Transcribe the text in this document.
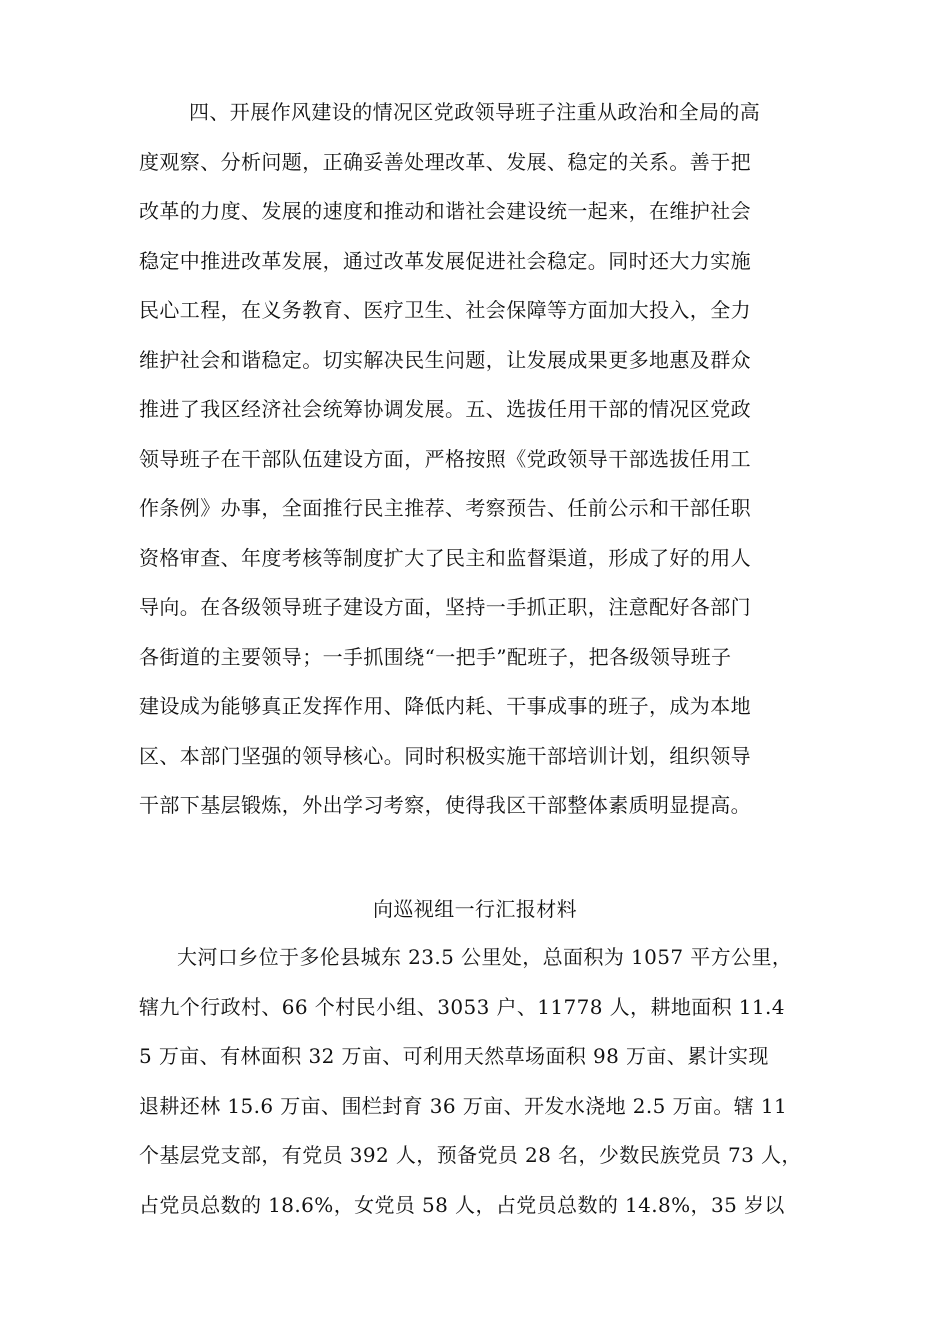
四、开展作风建设的情况区党政领导班子注重从政治和全局的高
度观察、分析问题，正确妥善处理改革、发展、稳定的关系。善于把
改革的力度、发展的速度和推动和谐社会建设统一起来，在维护社会
稳定中推进改革发展，通过改革发展促进社会稳定。同时还大力实施
民心工程，在义务教育、医疗卫生、社会保障等方面加大投入，全力
维护社会和谐稳定。切实解决民生问题，让发展成果更多地惠及群众
推进了我区经济社会统筹协调发展。五、选拔任用干部的情况区党政
领导班子在干部队伍建设方面，严格按照《党政领导干部选拔任用工
作条例》办事，全面推行民主推荐、考察预告、任前公示和干部任职
资格审查、年度考核等制度扩大了民主和监督渠道，形成了好的用人
导向。在各级领导班子建设方面，坚持一手抓正职，注意配好各部门
各街道的主要领导；一手抓围绕“一把手”配班子，把各级领导班子
建设成为能够真正发挥作用、降低内耗、干事成事的班子，成为本地
区、本部门坚强的领导核心。同时积极实施干部培训计划，组织领导
干部下基层锻炼，外出学习考察，使得我区干部整体素质明显提高。
向巡视组一行汇报材料
大河口乡位于多伦县城东 23.5 公里处，总面积为 1057 平方公里，
辖九个行政村、66 个村民小组、3053 户、11778 人，耕地面积 11.4
5 万亩、有林面积 32 万亩、可利用天然草场面积 98 万亩、累计实现
退耕还林 15.6 万亩、围栏封育 36 万亩、开发水浇地 2.5 万亩。辖 11
个基层党支部，有党员 392 人，预备党员 28 名，少数民族党员 73 人，
占党员总数的 18.6%，女党员 58 人，占党员总数的 14.8%，35 岁以
